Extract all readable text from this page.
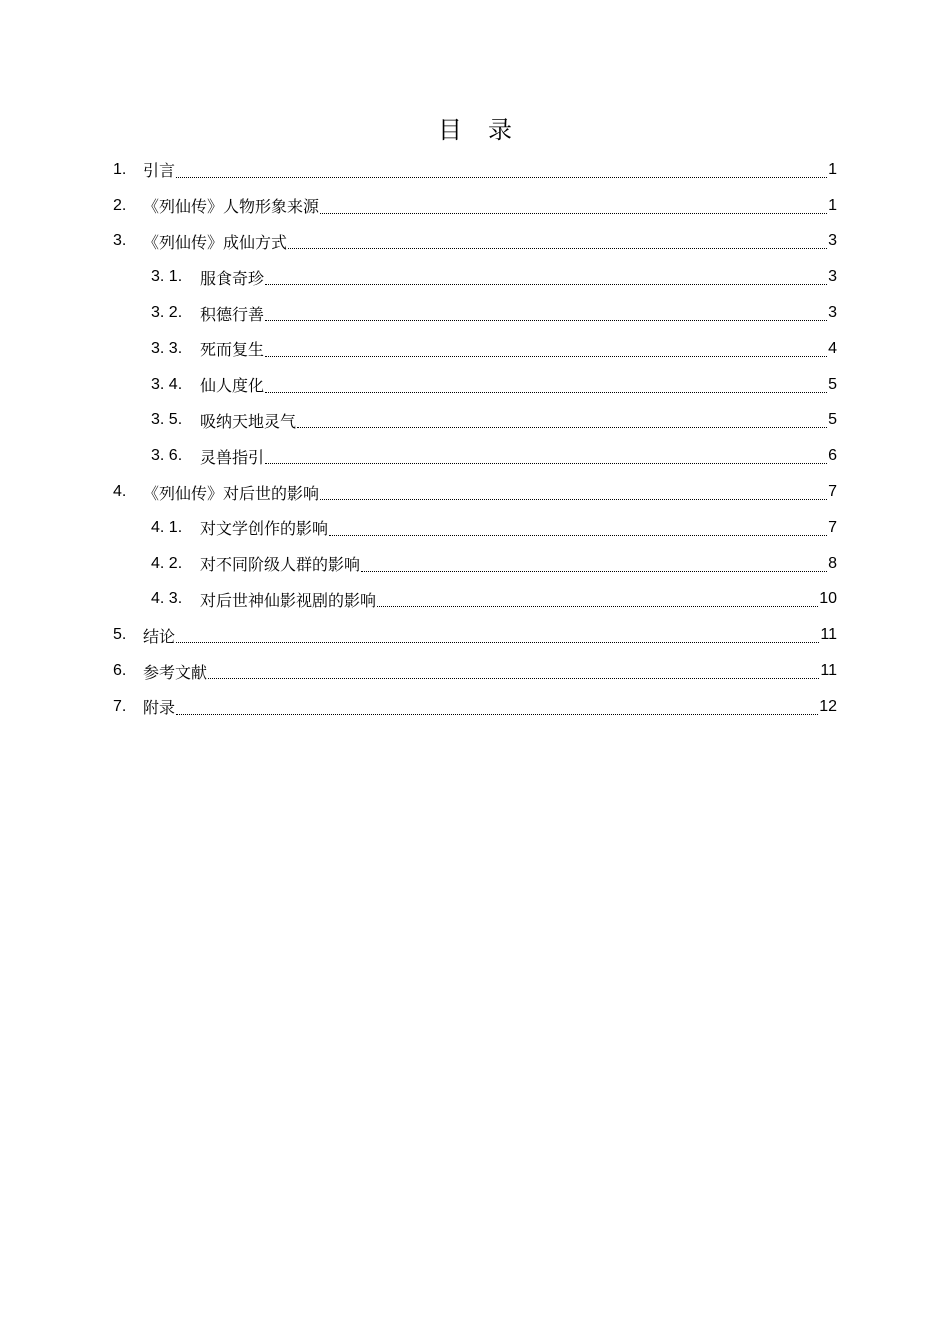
目 录
1.	引言	1
2.	《列仙传》人物形象来源	1
3.	《列仙传》成仙方式	3
3. 1.	服食奇珍	3
3. 2.	积德行善	3
3. 3.	死而复生	4
3. 4.	仙人度化	5
3. 5.	吸纳天地灵气	5
3. 6.	灵兽指引	6
4.	《列仙传》对后世的影响	7
4. 1.	对文学创作的影响	7
4. 2.	对不同阶级人群的影响	8
4. 3.	对后世神仙影视剧的影响	10
5.	结论	11
6.	参考文献	11
7.	附录	12
